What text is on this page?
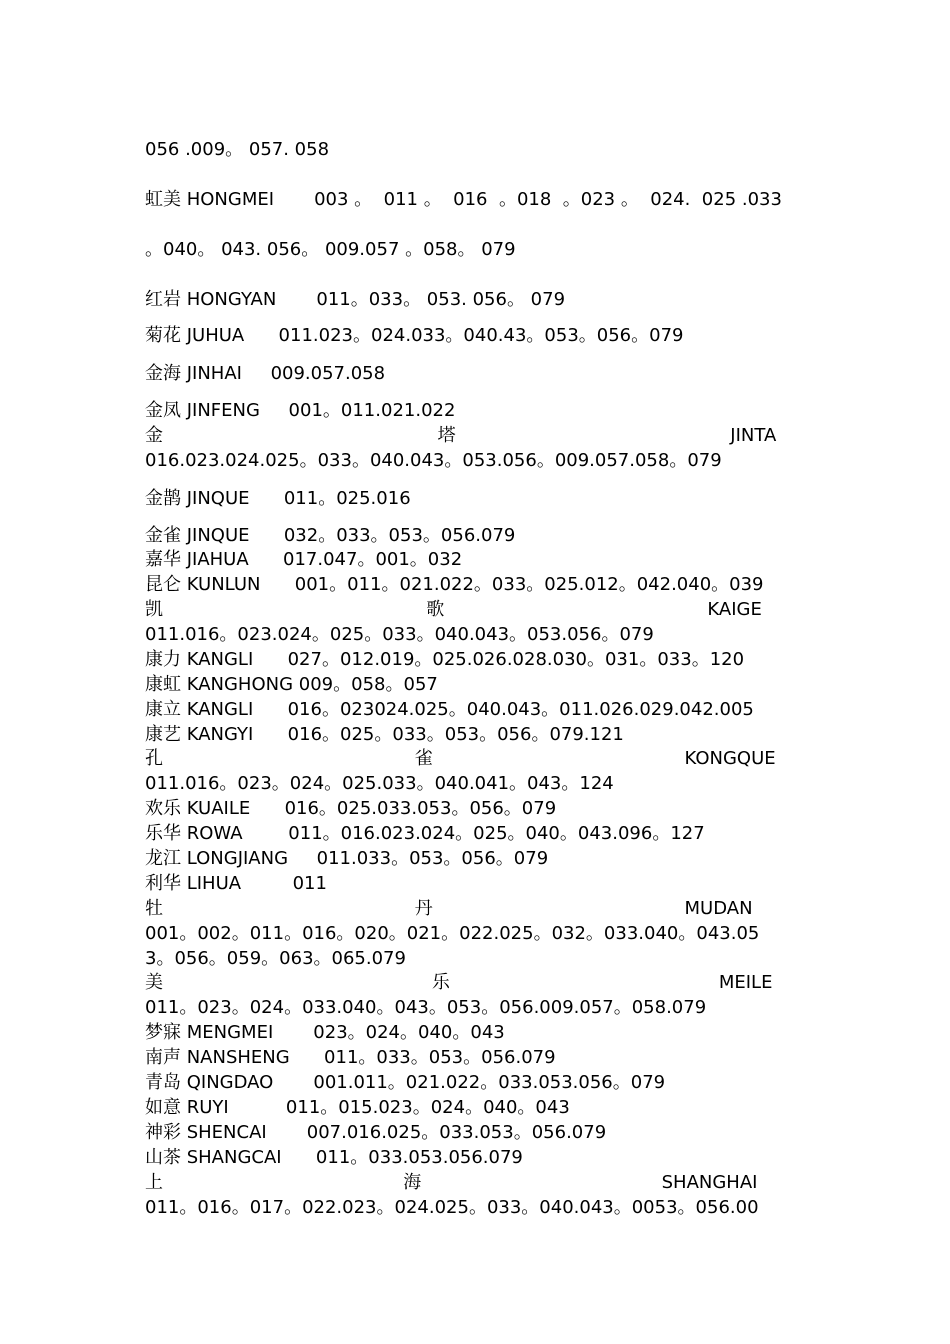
056 .009。 057. 058

虹美 HONGMEI       003 。  011 。  016  。018  。023 。  024.  025 .033

。040。 043. 056。 009.057 。058。 079

红岩 HONGYAN       011。033。 053. 056。 079

菊花 JUHUA      011.023。024.033。040.43。053。056。079

金海 JINHAI     009.057.058

金凤 JINFENG     001。011.021.022

金                                                塔                                                JINTA

016.023.024.025。033。040.043。053.056。009.057.058。079

金鹊 JINQUE      011。025.016

金雀 JINQUE      032。033。053。056.079

嘉华 JIAHUA      017.047。001。032

昆仑 KUNLUN      001。011。021.022。033。025.012。042.040。039

凯                                              歌                                              KAIGE

011.016。023.024。025。033。040.043。053.056。079

康力 KANGLI      027。012.019。025.026.028.030。031。033。120

康虹 KANGHONG 009。058。057

康立 KANGLI      016。023024.025。040.043。011.026.029.042.005

康艺 KANGYI      016。025。033。053。056。079.121

孔                                            雀                                            KONGQUE

011.016。023。024。025.033。040.041。043。124

欢乐 KUAILE      016。025.033.053。056。079

乐华 ROWA        011。016.023.024。025。040。043.096。127

龙江 LONGJIANG     011.033。053。056。079

利华 LIHUA         011

牡                                            丹                                            MUDAN

001。002。011。016。020。021。022.025。032。033.040。043.05

3。056。059。063。065.079

美                                               乐                                               MEILE

011。023。024。033.040。043。053。056.009.057。058.079

梦寐 MENGMEI       023。024。040。043

南声 NANSHENG      011。033。053。056.079

青岛 QINGDAO       001.011。021.022。033.053.056。079

如意 RUYI          011。015.023。024。040。043

神彩 SHENCAI       007.016.025。033.053。056.079

山茶 SHANGCAI      011。033.053.056.079

上                                          海                                          SHANGHAI

011。016。017。022.023。024.025。033。040.043。0053。056.00
